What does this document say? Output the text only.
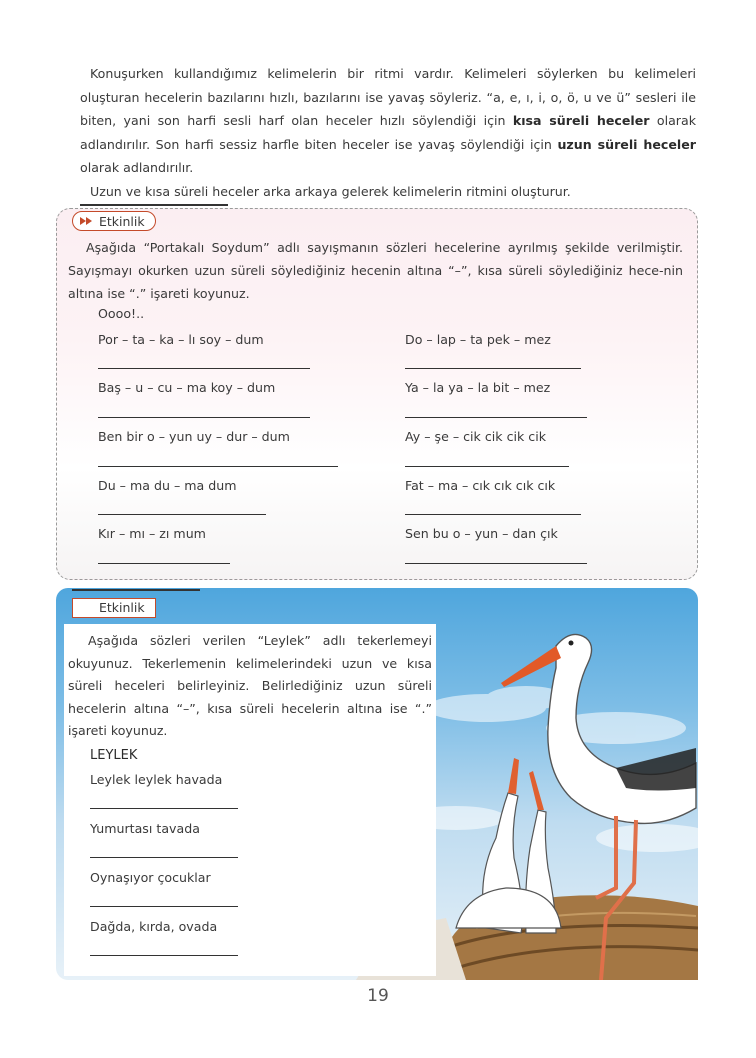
Konuşurken kullandığımız kelimelerin bir ritmi vardır. Kelimeleri söylerken bu kelimeleri oluşturan hecelerin bazılarını hızlı, bazılarını ise yavaş söyleriz. “a, e, ı, i, o, ö, u ve ü” sesleri ile biten, yani son harfi sesli harf olan heceler hızlı söylendiği için kısa süreli heceler olarak adlandırılır. Son harfi sessiz harfle biten heceler ise yavaş söylendiği için uzun süreli heceler olarak adlandırılır.

Uzun ve kısa süreli heceler arka arkaya gelerek kelimelerin ritmini oluşturur.

Etkinlik

Aşağıda “Portakalı Soydum” adlı sayışmanın sözleri hecelerine ayrılmış şekilde verilmiştir. Sayışmayı okurken uzun süreli söylediğiniz hecenin altına “–”, kısa süreli söylediğiniz hece-nin altına ise “.” işareti koyunuz.

Oooo!..
Por – ta – ka – lı soy – dum
Baş – u – cu – ma koy – dum
Ben bir o – yun uy – dur – dum
Du – ma du – ma dum
Kır – mı – zı mum
Do – lap – ta pek – mez
Ya – la ya – la bit – mez
Ay – şe – cik cik cik cik
Fat – ma – cık cık cık cık
Sen bu o – yun – dan çık
Etkinlik

Aşağıda sözleri verilen “Leylek” adlı tekerlemeyi okuyunuz. Tekerlemenin kelimelerindeki uzun ve kısa süreli heceleri belirleyiniz. Belirlediğiniz uzun süreli hecelerin altına “–”, kısa süreli hecelerin altına ise “.” işareti koyunuz.

LEYLEK
Leylek leylek havada
Yumurtası tavada
Oynaşıyor çocuklar
Dağda, kırda, ovada
19
